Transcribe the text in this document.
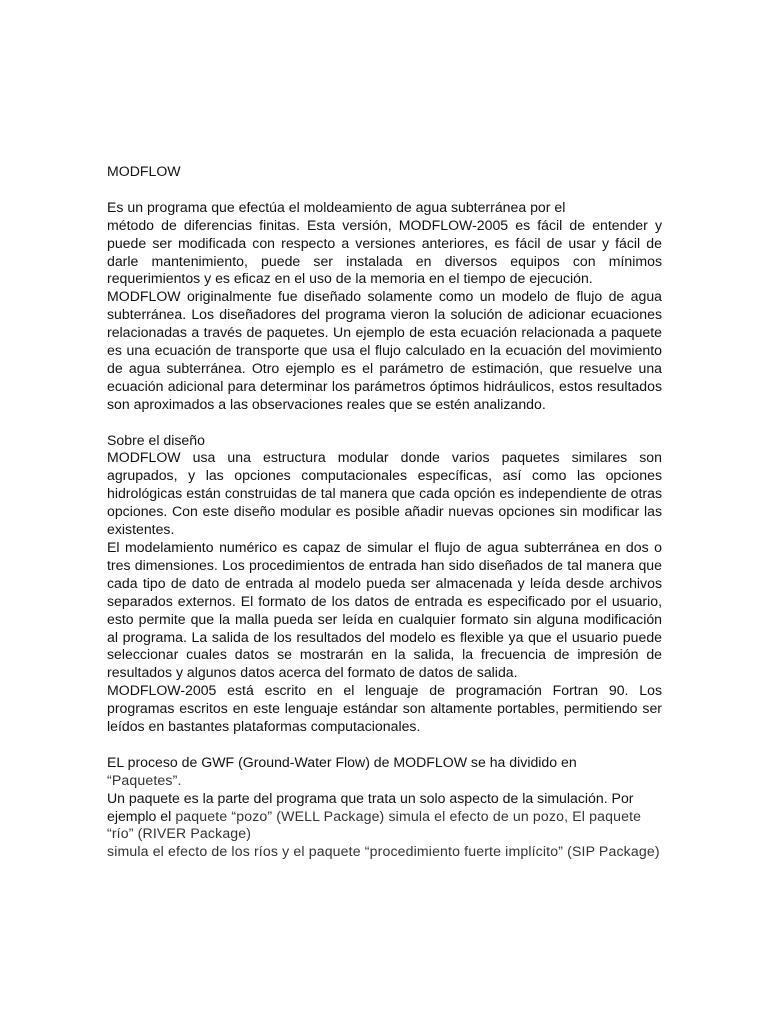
MODFLOW

Es un programa que efectúa el moldeamiento de agua subterránea por el

método de diferencias finitas. Esta versión, MODFLOW-2005 es fácil de entender y puede ser modificada con respecto a versiones anteriores, es fácil de usar y fácil de darle mantenimiento, puede ser instalada en diversos equipos con mínimos requerimientos y es eficaz en el uso de la memoria en el tiempo de ejecución.

MODFLOW originalmente fue diseñado solamente como un modelo de flujo de agua subterránea. Los diseñadores del programa vieron la solución de adicionar ecuaciones relacionadas a través de paquetes. Un ejemplo de esta ecuación relacionada a paquete es una ecuación de transporte que usa el flujo calculado en la ecuación del movimiento de agua subterránea. Otro ejemplo es el parámetro de estimación, que resuelve una ecuación adicional para determinar los parámetros óptimos hidráulicos, estos resultados son aproximados a las observaciones reales que se estén analizando.

Sobre el diseño

MODFLOW usa una estructura modular donde varios paquetes similares son agrupados, y las opciones computacionales específicas, así como las opciones hidrológicas están construidas de tal manera que cada opción es independiente de otras opciones. Con este diseño modular es posible añadir nuevas opciones sin modificar las existentes.

El modelamiento numérico es capaz de simular el flujo de agua subterránea en dos o tres dimensiones. Los procedimientos de entrada han sido diseñados de tal manera que cada tipo de dato de entrada al modelo pueda ser almacenada y leída desde archivos separados externos. El formato de los datos de entrada es especificado por el usuario, esto permite que la malla pueda ser leída en cualquier formato sin alguna modificación al programa. La salida de los resultados del modelo es flexible ya que el usuario puede seleccionar cuales datos se mostrarán en la salida, la frecuencia de impresión de resultados y algunos datos acerca del formato de datos de salida.

MODFLOW-2005 está escrito en el lenguaje de programación Fortran 90. Los programas escritos en este lenguaje estándar son altamente portables, permitiendo ser leídos en bastantes plataformas computacionales.

EL proceso de GWF (Ground-Water Flow) de MODFLOW se ha dividido en
“Paquetes”.

Un paquete es la parte del programa que trata un solo aspecto de la simulación. Por
ejemplo el paquete “pozo” (WELL Package) simula el efecto de un pozo, El paquete “río” (RIVER Package)

simula el efecto de los ríos y el paquete “procedimiento fuerte implícito” (SIP Package)
